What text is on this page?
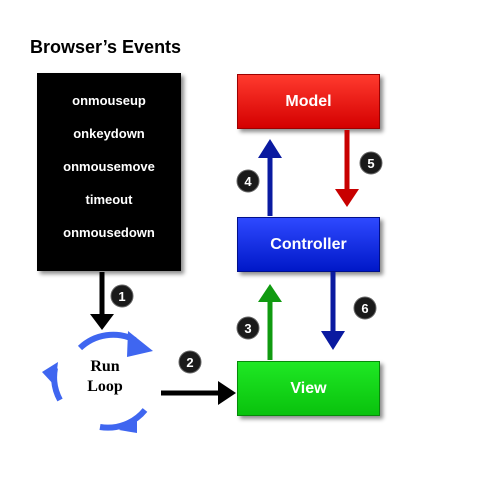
Browser’s Events
onmouseup
onkeydown
onmousemove
timeout
onmousedown
Model
Controller
View
1
2
3
4
5
6
Run
Loop
